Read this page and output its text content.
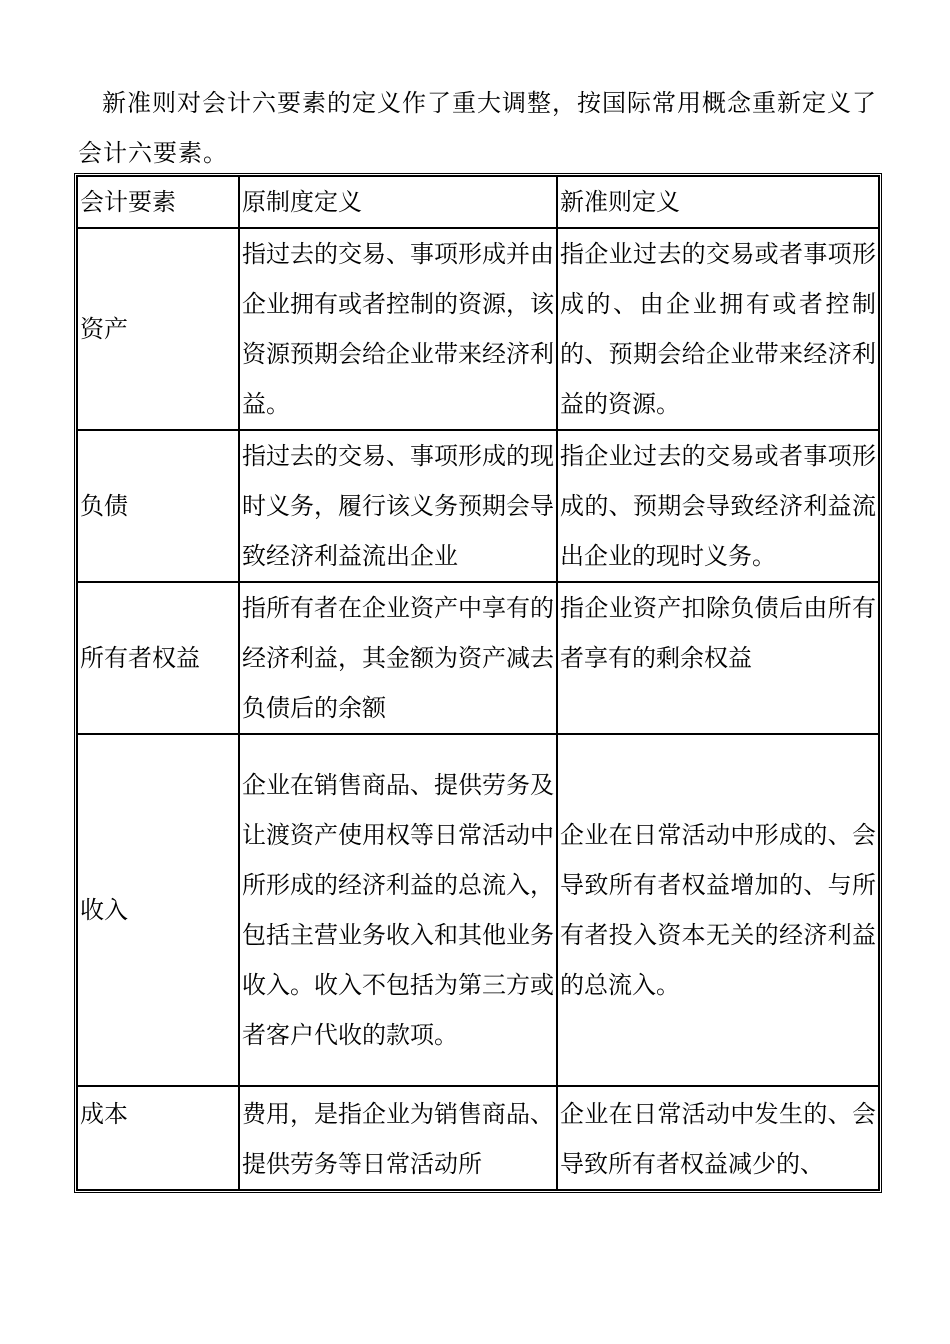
新准则对会计六要素的定义作了重大调整，按国际常用概念重新定义了会计六要素。

会计要素	原制度定义	新准则定义
资产	指过去的交易、事项形成并由企业拥有或者控制的资源，该资源预期会给企业带来经济利益。	指企业过去的交易或者事项形成的、由企业拥有或者控制的、预期会给企业带来经济利益的资源。
负债	指过去的交易、事项形成的现时义务，履行该义务预期会导致经济利益流出企业	指企业过去的交易或者事项形成的、预期会导致经济利益流出企业的现时义务。
所有者权益	指所有者在企业资产中享有的经济利益，其金额为资产减去负债后的余额	指企业资产扣除负债后由所有者享有的剩余权益
收入	企业在销售商品、提供劳务及让渡资产使用权等日常活动中所形成的经济利益的总流入，包括主营业务收入和其他业务收入。收入不包括为第三方或者客户代收的款项。	企业在日常活动中形成的、会导致所有者权益增加的、与所有者投入资本无关的经济利益的总流入。
成本	费用，是指企业为销售商品、提供劳务等日常活动所	企业在日常活动中发生的、会导致所有者权益减少的、
